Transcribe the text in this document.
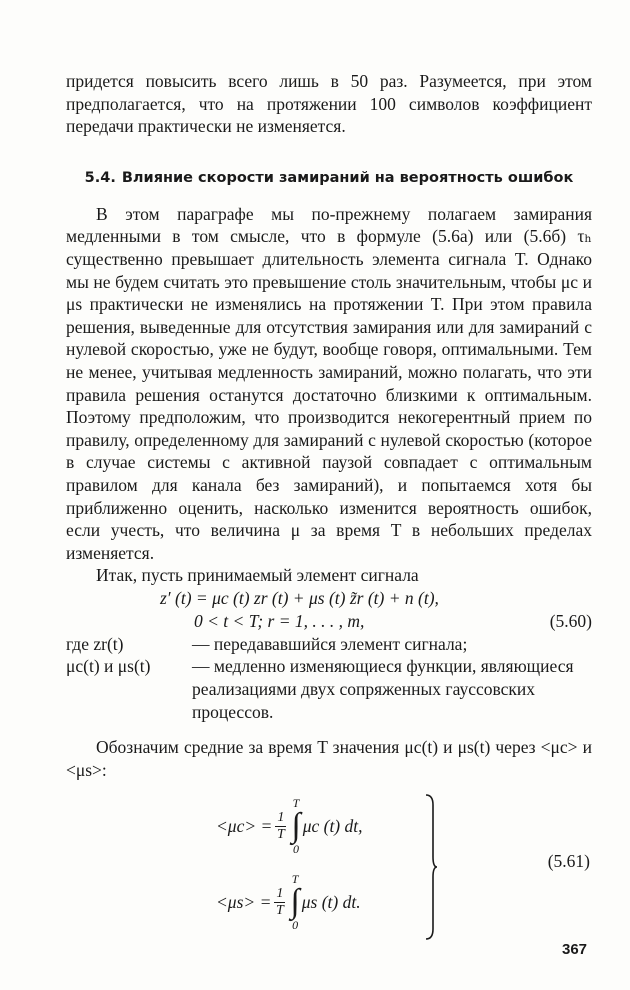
придется повысить всего лишь в 50 раз. Разумеется, при этом предполагается, что на протяжении 100 символов коэффициент передачи практически не изменяется.

5.4. Влияние скорости замираний на вероятность ошибок

В этом параграфе мы по-прежнему полагаем замирания медленными в том смысле, что в формуле (5.6а) или (5.6б) τₕ существенно превышает длительность элемента сигнала T. Однако мы не будем считать это превышение столь значительным, чтобы μc и μs практически не изменялись на протяжении T. При этом правила решения, выведенные для отсутствия замирания или для замираний с нулевой скоростью, уже не будут, вообще говоря, оптимальными. Тем не менее, учитывая медленность замираний, можно полагать, что эти правила решения останутся достаточно близкими к оптимальным. Поэтому предположим, что производится некогерентный прием по правилу, определенному для замираний с нулевой скоростью (которое в случае системы с активной паузой совпадает с оптимальным правилом для канала без замираний), и попытаемся хотя бы приближенно оценить, насколько изменится вероятность ошибок, если учесть, что величина μ за время T в небольших пределах изменяется.

Итак, пусть принимаемый элемент сигнала

z′ (t) = μc (t) zr (t) + μs (t) z̃r (t) + n (t),
0 < t < T; r = 1, . . . , m,	(5.60)
где zr(t)	— передававшийся элемент сигнала;
μc(t) и μs(t)	— медленно изменяющиеся функции, являющиеся реализациями двух сопряженных гауссовских процессов.

Обозначим средние за время T значения μc(t) и μs(t) через <μc> и <μs>:

$<\mu c> = \frac{1}{T}$
T
∫
0
μc (t) dt,
$<\mu s> = \frac{1}{T}$
T
∫
0
μs (t) dt.
(5.61)
367
